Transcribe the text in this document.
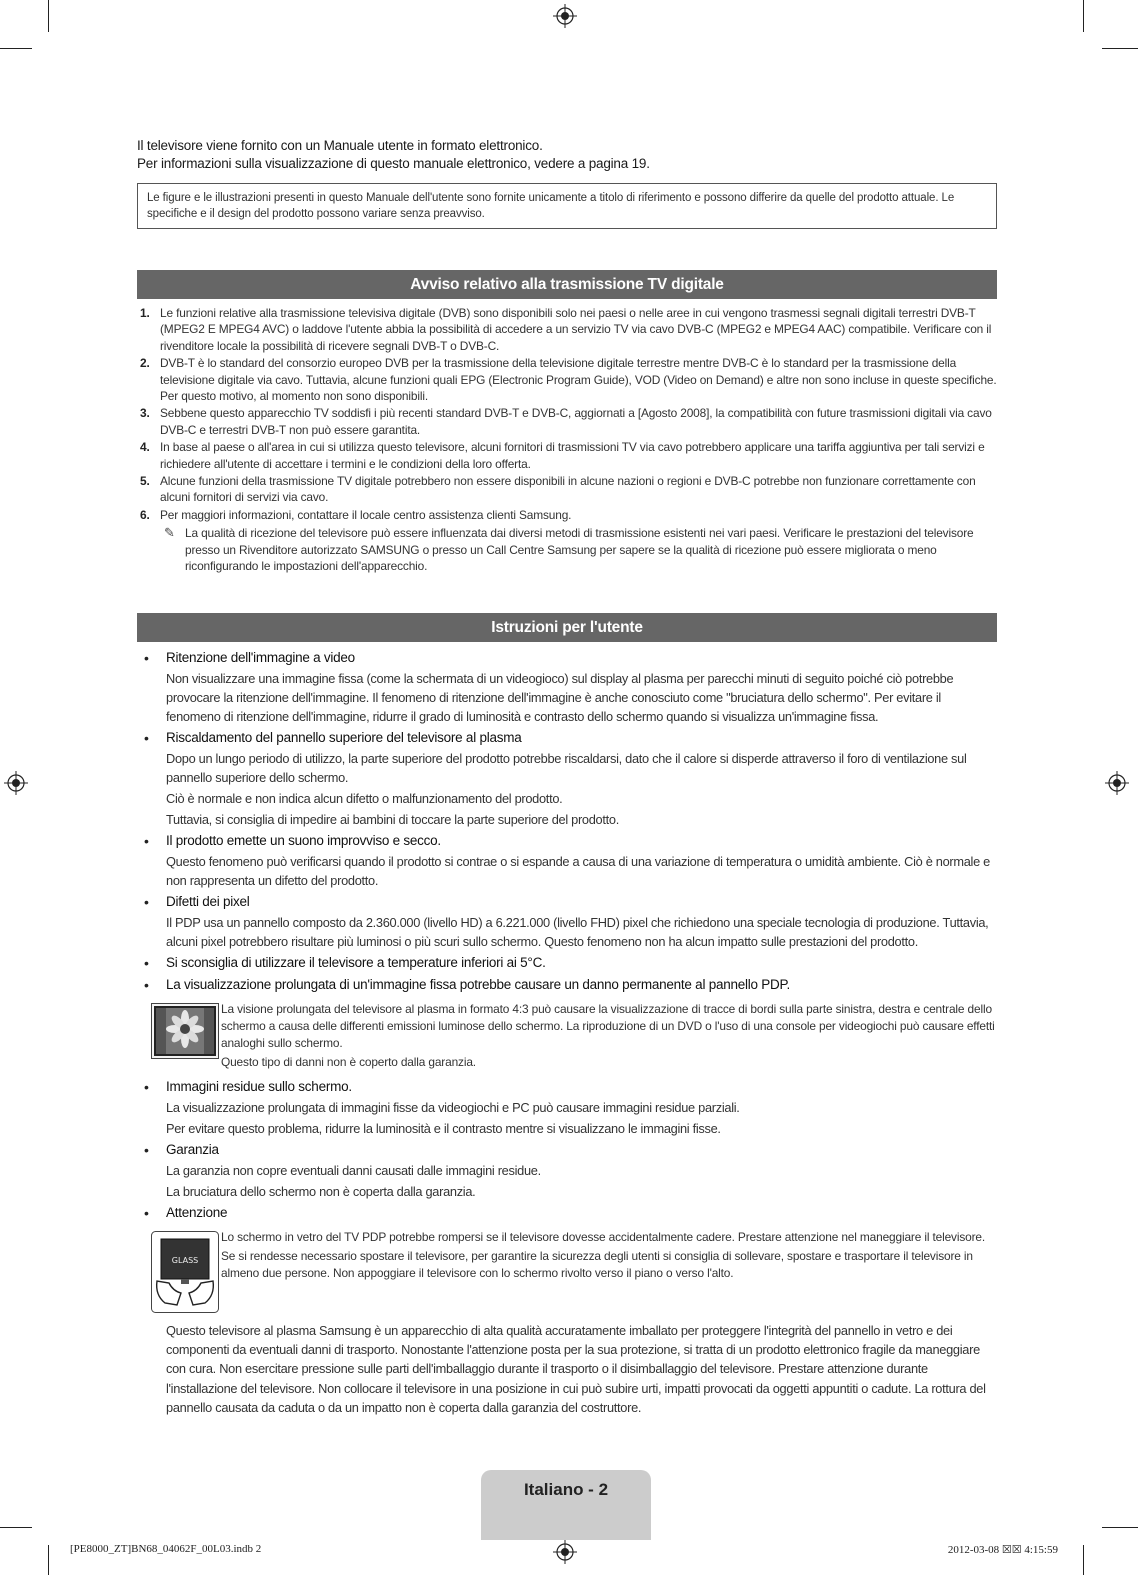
Il televisore viene fornito con un Manuale utente in formato elettronico.
Per informazioni sulla visualizzazione di questo manuale elettronico, vedere a pagina 19.
Le figure e le illustrazioni presenti in questo Manuale dell'utente sono fornite unicamente a titolo di riferimento e possono differire da quelle del prodotto attuale. Le specifiche e il design del prodotto possono variare senza preavviso.
Avviso relativo alla trasmissione TV digitale
1. Le funzioni relative alla trasmissione televisiva digitale (DVB) sono disponibili solo nei paesi o nelle aree in cui vengono trasmessi segnali digitali terrestri DVB-T (MPEG2 E MPEG4 AVC) o laddove l'utente abbia la possibilità di accedere a un servizio TV via cavo DVB-C (MPEG2 e MPEG4 AAC) compatibile. Verificare con il rivenditore locale la possibilità di ricevere segnali DVB-T o DVB-C.
2. DVB-T è lo standard del consorzio europeo DVB per la trasmissione della televisione digitale terrestre mentre DVB-C è lo standard per la trasmissione della televisione digitale via cavo. Tuttavia, alcune funzioni quali EPG (Electronic Program Guide), VOD (Video on Demand) e altre non sono incluse in queste specifiche. Per questo motivo, al momento non sono disponibili.
3. Sebbene questo apparecchio TV soddisfi i più recenti standard DVB-T e DVB-C, aggiornati a [Agosto 2008], la compatibilità con future trasmissioni digitali via cavo DVB-C e terrestri DVB-T non può essere garantita.
4. In base al paese o all'area in cui si utilizza questo televisore, alcuni fornitori di trasmissioni TV via cavo potrebbero applicare una tariffa aggiuntiva per tali servizi e richiedere all'utente di accettare i termini e le condizioni della loro offerta.
5. Alcune funzioni della trasmissione TV digitale potrebbero non essere disponibili in alcune nazioni o regioni e DVB-C potrebbe non funzionare correttamente con alcuni fornitori di servizi via cavo.
6. Per maggiori informazioni, contattare il locale centro assistenza clienti Samsung.
✎ La qualità di ricezione del televisore può essere influenzata dai diversi metodi di trasmissione esistenti nei vari paesi. Verificare le prestazioni del televisore presso un Rivenditore autorizzato SAMSUNG o presso un Call Centre Samsung per sapere se la qualità di ricezione può essere migliorata o meno riconfigurando le impostazioni dell'apparecchio.
Istruzioni per l'utente
• Ritenzione dell'immagine a video
Non visualizzare una immagine fissa (come la schermata di un videogioco) sul display al plasma per parecchi minuti di seguito poiché ciò potrebbe provocare la ritenzione dell'immagine. Il fenomeno di ritenzione dell'immagine è anche conosciuto come "bruciatura dello schermo". Per evitare il fenomeno di ritenzione dell'immagine, ridurre il grado di luminosità e contrasto dello schermo quando si visualizza un'immagine fissa.
• Riscaldamento del pannello superiore del televisore al plasma
Dopo un lungo periodo di utilizzo, la parte superiore del prodotto potrebbe riscaldarsi, dato che il calore si disperde attraverso il foro di ventilazione sul pannello superiore dello schermo.
Ciò è normale e non indica alcun difetto o malfunzionamento del prodotto.
Tuttavia, si consiglia di impedire ai bambini di toccare la parte superiore del prodotto.
• Il prodotto emette un suono improvviso e secco.
Questo fenomeno può verificarsi quando il prodotto si contrae o si espande a causa di una variazione di temperatura o umidità ambiente. Ciò è normale e non rappresenta un difetto del prodotto.
• Difetti dei pixel
Il PDP usa un pannello composto da 2.360.000 (livello HD) a 6.221.000 (livello FHD) pixel che richiedono una speciale tecnologia di produzione. Tuttavia, alcuni pixel potrebbero risultare più luminosi o più scuri sullo schermo. Questo fenomeno non ha alcun impatto sulle prestazioni del prodotto.
• Si sconsiglia di utilizzare il televisore a temperature inferiori ai 5°C.
• La visualizzazione prolungata di un'immagine fissa potrebbe causare un danno permanente al pannello PDP.
La visione prolungata del televisore al plasma in formato 4:3 può causare la visualizzazione di tracce di bordi sulla parte sinistra, destra e centrale dello schermo a causa delle differenti emissioni luminose dello schermo. La riproduzione di un DVD o l'uso di una console per videogiochi può causare effetti analoghi sullo schermo.
Questo tipo di danni non è coperto dalla garanzia.
• Immagini residue sullo schermo.
La visualizzazione prolungata di immagini fisse da videogiochi e PC può causare immagini residue parziali.
Per evitare questo problema, ridurre la luminosità e il contrasto mentre si visualizzano le immagini fisse.
• Garanzia
La garanzia non copre eventuali danni causati dalle immagini residue.
La bruciatura dello schermo non è coperta dalla garanzia.
• Attenzione
GLASS
Lo schermo in vetro del TV PDP potrebbe rompersi se il televisore dovesse accidentalmente cadere. Prestare attenzione nel maneggiare il televisore.
Se si rendesse necessario spostare il televisore, per garantire la sicurezza degli utenti si consiglia di sollevare, spostare e trasportare il televisore in almeno due persone. Non appoggiare il televisore con lo schermo rivolto verso il piano o verso l'alto.
Questo televisore al plasma Samsung è un apparecchio di alta qualità accuratamente imballato per proteggere l'integrità del pannello in vetro e dei componenti da eventuali danni di trasporto. Nonostante l'attenzione posta per la sua protezione, si tratta di un prodotto elettronico fragile da maneggiare con cura. Non esercitare pressione sulle parti dell'imballaggio durante il trasporto o il disimballaggio del televisore. Prestare attenzione durante l'installazione del televisore. Non collocare il televisore in una posizione in cui può subire urti, impatti provocati da oggetti appuntiti o cadute. La rottura del pannello causata da caduta o da un impatto non è coperta dalla garanzia del costruttore.
Italiano - 2
[PE8000_ZT]BN68_04062F_00L03.indb 2	2012-03-08 ☒☒ 4:15:59
